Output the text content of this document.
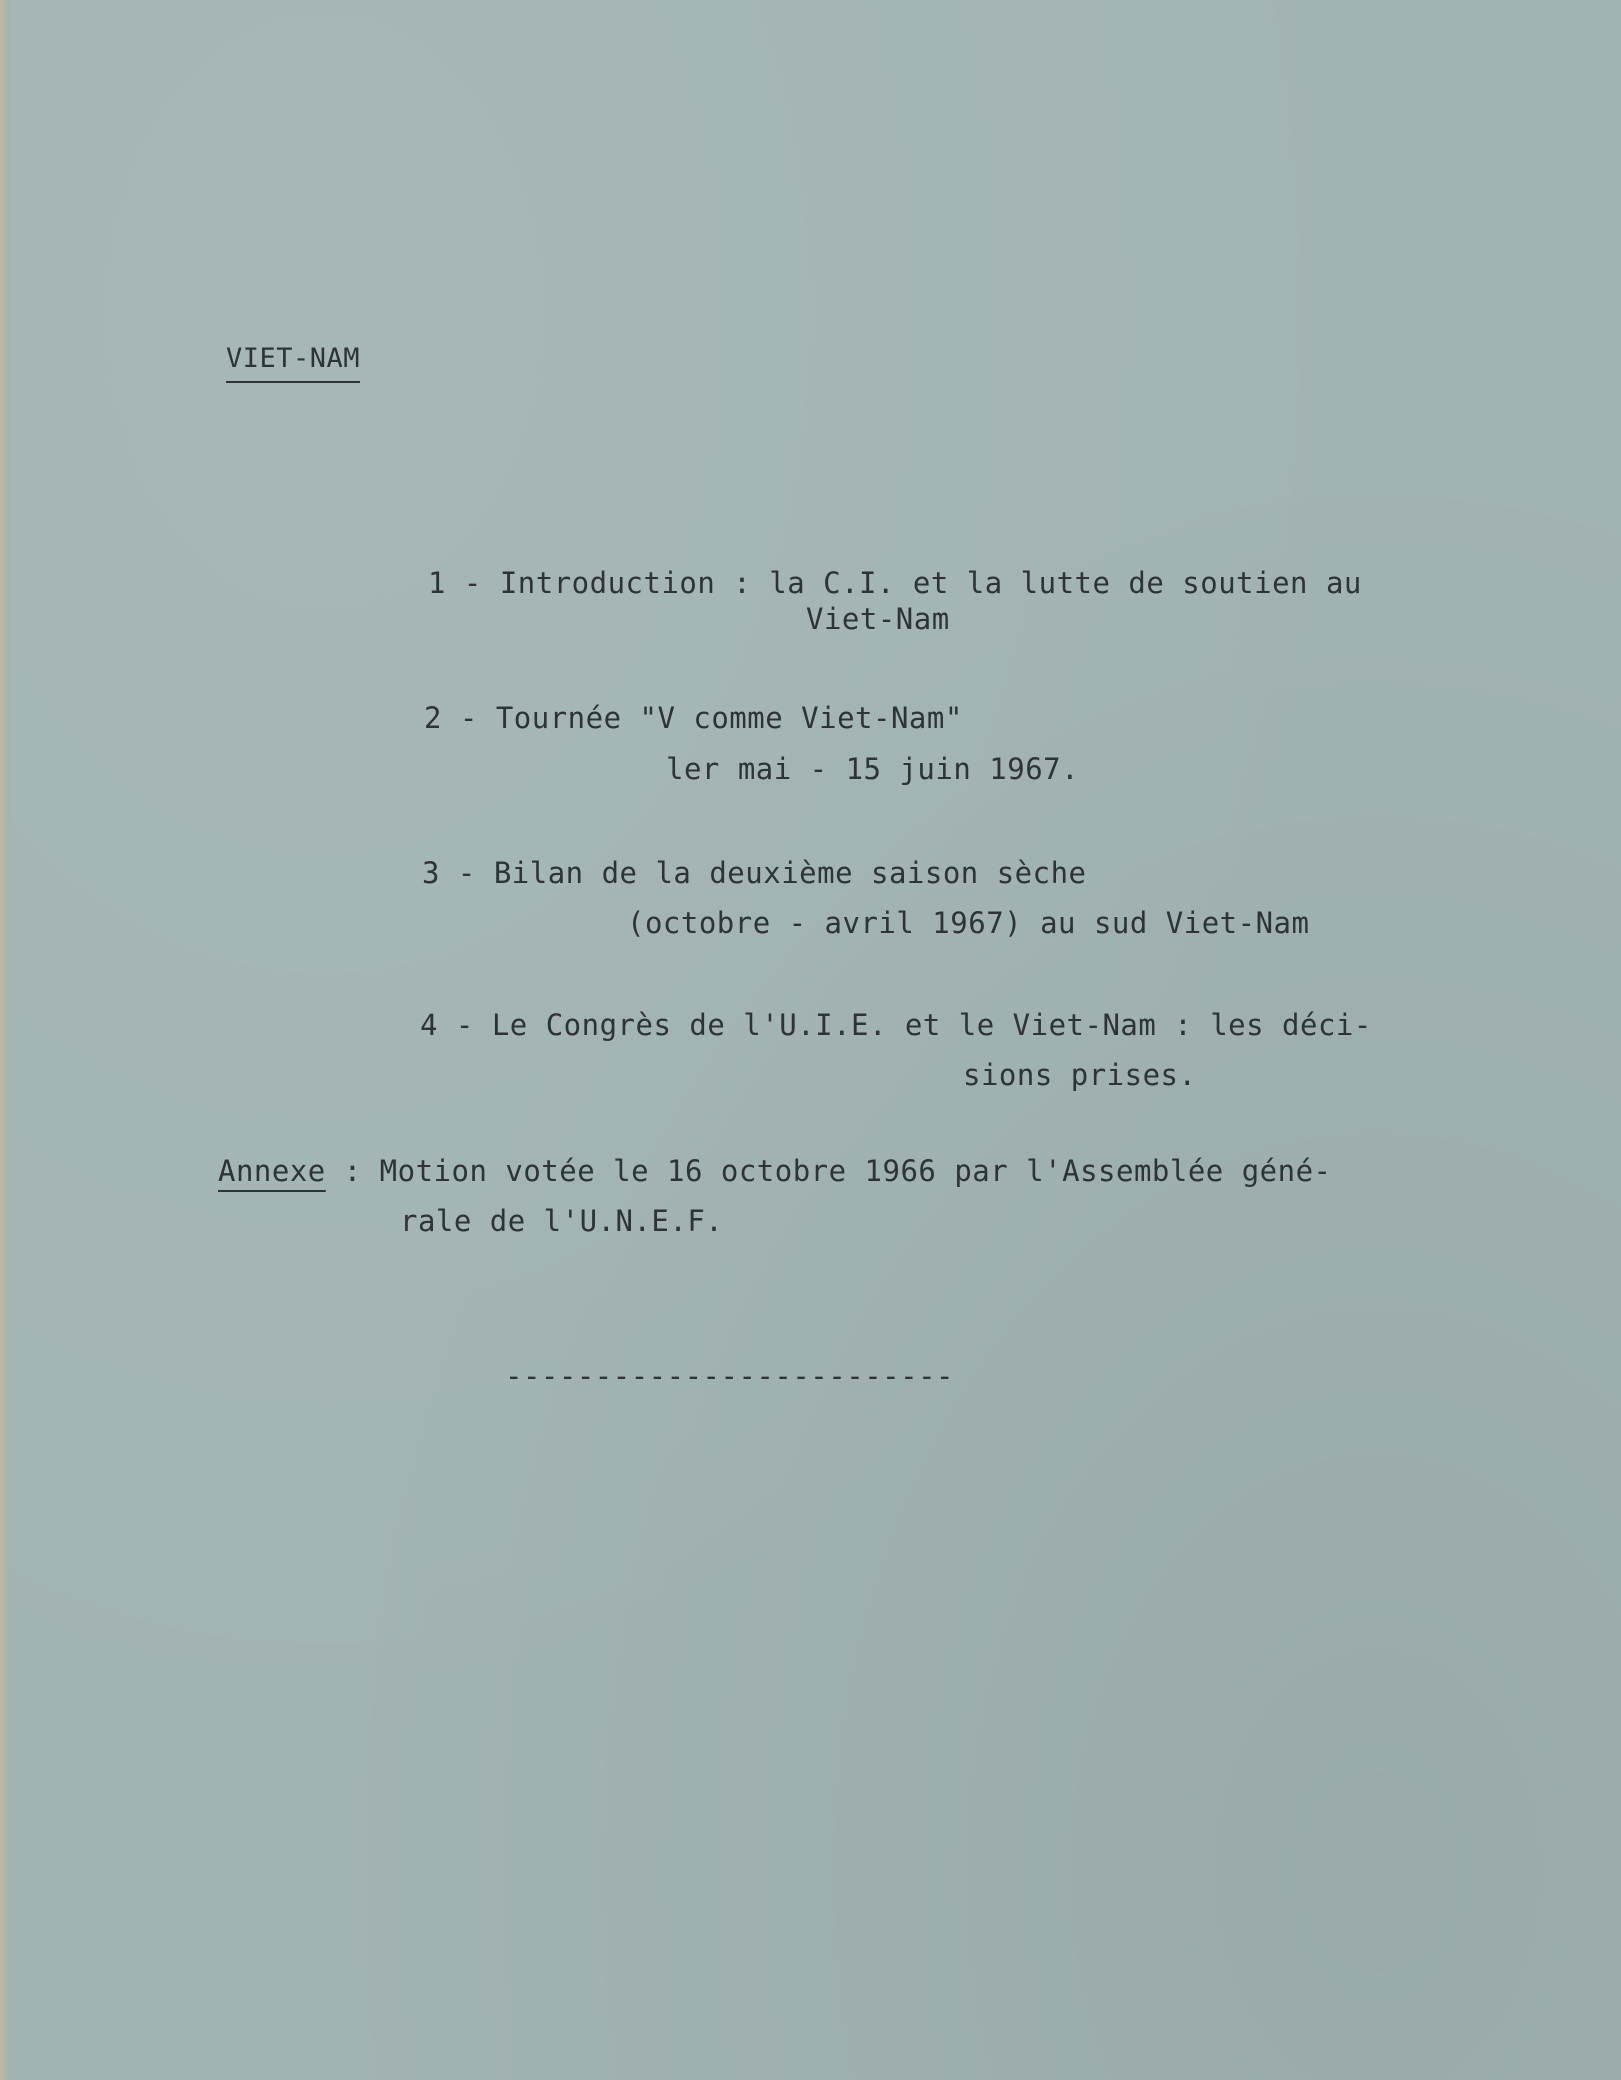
VIET-NAM
1 - Introduction : la C.I. et la lutte de soutien au
Viet-Nam
2 - Tournée "V comme Viet-Nam"
ler mai - 15 juin 1967.
3 - Bilan de la deuxième saison sèche
(octobre - avril 1967) au sud Viet-Nam
4 - Le Congrès de l'U.I.E. et le Viet-Nam : les déci-
sions prises.
Annexe : Motion votée le 16 octobre 1966 par l'Assemblée géné-
rale de l'U.N.E.F.
-------------------------
